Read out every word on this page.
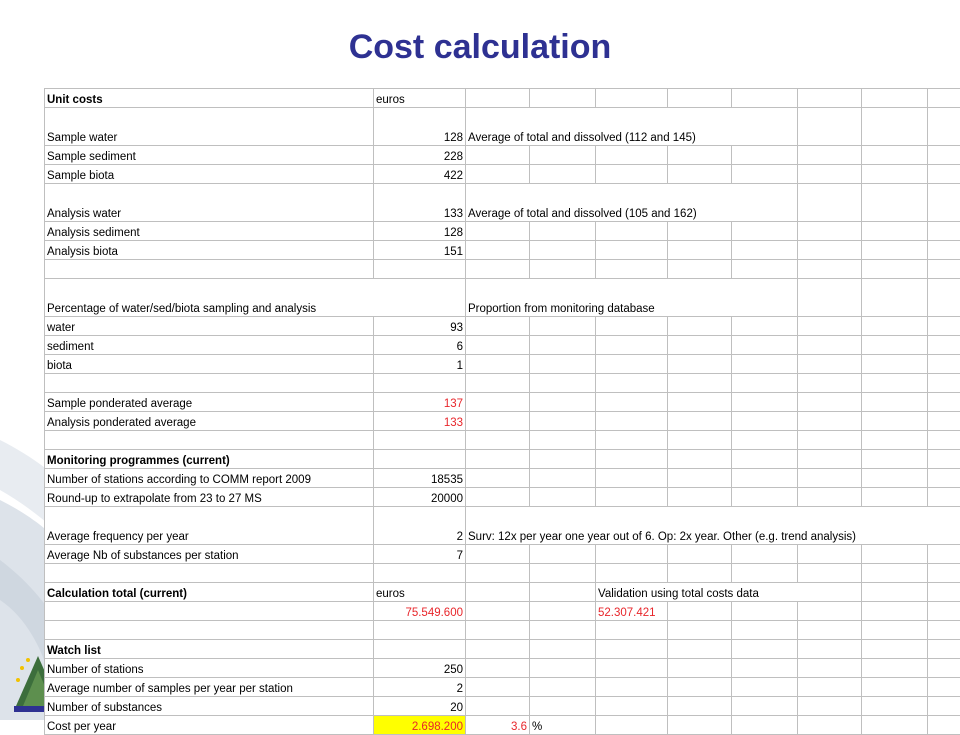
Cost calculation
Unit costs	euros								
Sample water	128	Average of total and dissolved (112 and 145)							
Sample sediment	228								
Sample biota	422								
Analysis water	133	Average of total and dissolved (105 and 162)							
Analysis sediment	128								
Analysis biota	151								

Percentage of water/sed/biota sampling and analysis		Proportion from monitoring database							
water	93								
sediment	6								
biota	1								

Sample ponderated average	137								
Analysis ponderated average	133								

Monitoring programmes (current)									
Number of stations according to COMM report 2009	18535								
Round-up to extrapolate from 23 to 27 MS	20000								
Average frequency per year	2	Surv: 12x per year one year out of 6. Op: 2x year. Other (e.g. trend analysis)							
Average Nb of substances per station	7								

Calculation total (current)	euros			Validation using total costs data					
	75.549.600			52.307.421					

Watch list									
Number of stations	250								
Average number of samples per year per station	2								
Number of substances	20								
Cost per year	2.698.200	3.6	%						
